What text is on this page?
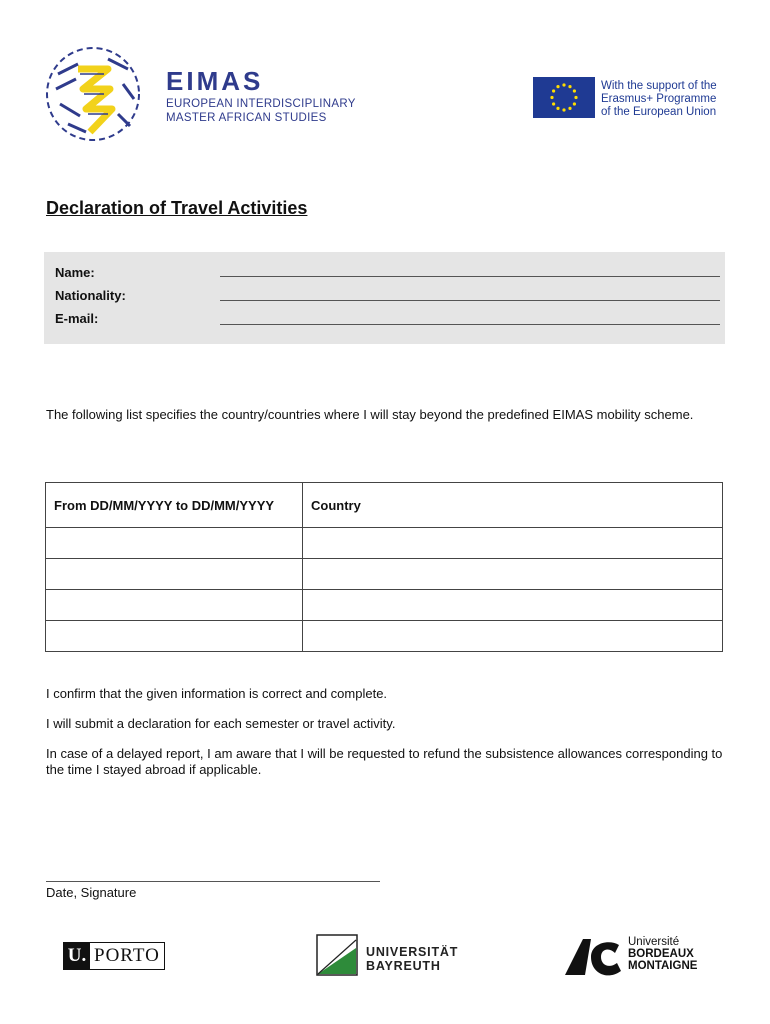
EIMAS
EUROPEAN INTERDISCIPLINARY
MASTER AFRICAN STUDIES
With the support of the
Erasmus+ Programme
of the European Union
Declaration of Travel Activities
Name:
Nationality:
E-mail:
The following list specifies the country/countries where I will stay beyond the predefined EIMAS mobility scheme.
From DD/MM/YYYY to DD/MM/YYYY	Country

I confirm that the given information is correct and complete.
I will submit a declaration for each semester or travel activity.
In case of a delayed report, I am aware that I will be requested to refund the subsistence allowances corresponding to the time I stayed abroad if applicable.
Date, Signature
U. PORTO	UNIVERSITÄT
BAYREUTH
Université
BORDEAUX
MONTAIGNE
